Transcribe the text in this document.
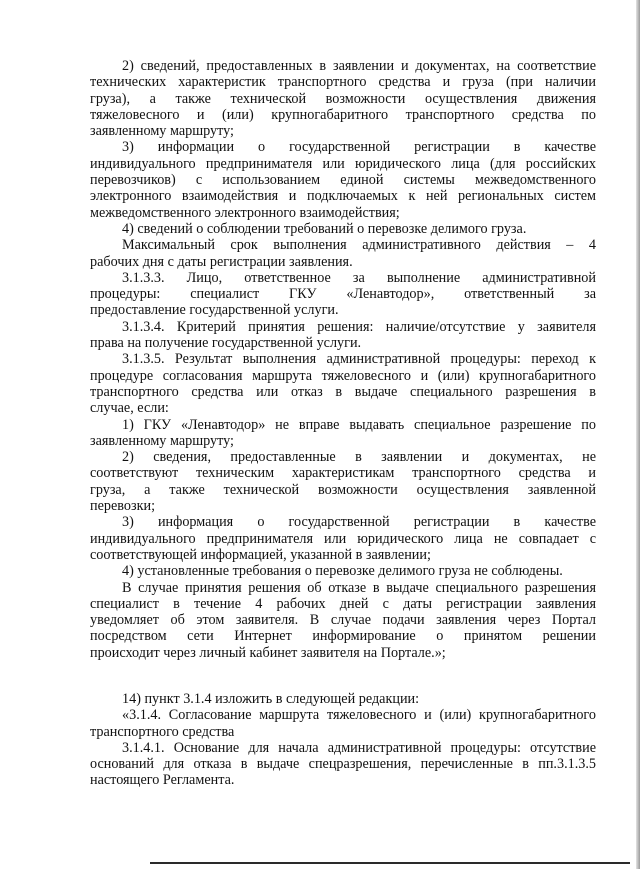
2) сведений, предоставленных в заявлении и документах, на соответствие

технических характеристик транспортного средства и груза (при наличии

груза), а также технической возможности осуществления движения

тяжеловесного и (или) крупногабаритного транспортного средства по

заявленному маршруту;

3) информации о государственной регистрации в качестве

индивидуального предпринимателя или юридического лица (для российских

перевозчиков) с использованием единой системы межведомственного

электронного взаимодействия и подключаемых к ней региональных систем

межведомственного электронного взаимодействия;

4) сведений о соблюдении требований о перевозке делимого груза.

Максимальный срок выполнения административного действия – 4

рабочих дня с даты регистрации заявления.

3.1.3.3. Лицо, ответственное за выполнение административной

процедуры: специалист ГКУ «Ленавтодор», ответственный за

предоставление государственной услуги.

3.1.3.4. Критерий принятия решения: наличие/отсутствие у заявителя

права на получение государственной услуги.

3.1.3.5. Результат выполнения административной процедуры: переход к

процедуре согласования маршрута тяжеловесного и (или) крупногабаритного

транспортного средства или отказ в выдаче специального разрешения в

случае, если:

1) ГКУ «Ленавтодор» не вправе выдавать специальное разрешение по

заявленному маршруту;

2) сведения, предоставленные в заявлении и документах, не

соответствуют техническим характеристикам транспортного средства и

груза, а также технической возможности осуществления заявленной

перевозки;

3) информация о государственной регистрации в качестве

индивидуального предпринимателя или юридического лица не совпадает с

соответствующей информацией, указанной в заявлении;

4) установленные требования о перевозке делимого груза не соблюдены.

В случае принятия решения об отказе в выдаче специального разрешения

специалист в течение 4 рабочих дней с даты регистрации заявления

уведомляет об этом заявителя. В случае подачи заявления через Портал

посредством сети Интернет информирование о принятом решении

происходит через личный кабинет заявителя на Портале.»;

14) пункт 3.1.4 изложить в следующей редакции:

«3.1.4. Согласование маршрута тяжеловесного и (или) крупногабаритного

транспортного средства

3.1.4.1. Основание для начала административной процедуры: отсутствие

оснований для отказа в выдаче спецразрешения, перечисленные в пп.3.1.3.5

настоящего Регламента.
